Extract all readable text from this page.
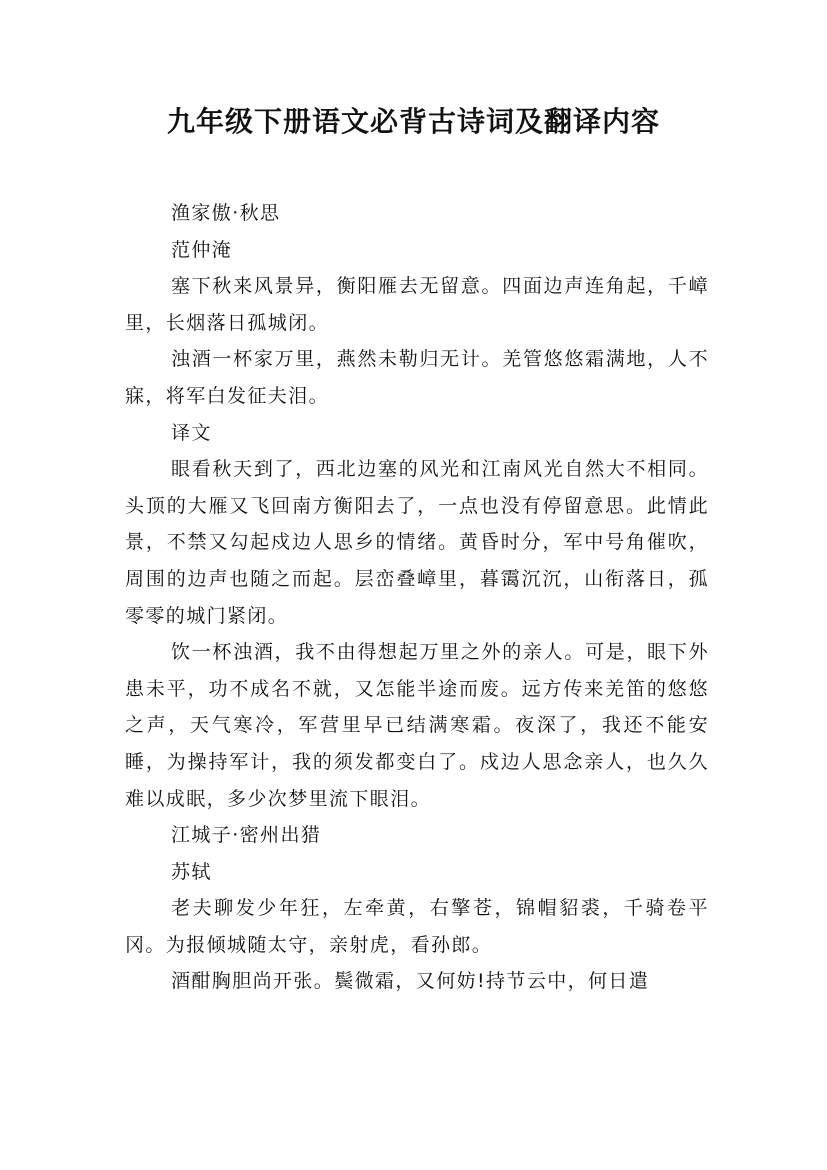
九年级下册语文必背古诗词及翻译内容

渔家傲·秋思

范仲淹

塞下秋来风景异，衡阳雁去无留意。四面边声连角起，千嶂里，长烟落日孤城闭。

浊酒一杯家万里，燕然未勒归无计。羌管悠悠霜满地，人不寐，将军白发征夫泪。

译文

眼看秋天到了，西北边塞的风光和江南风光自然大不相同。头顶的大雁又飞回南方衡阳去了，一点也没有停留意思。此情此景，不禁又勾起戍边人思乡的情绪。黄昏时分，军中号角催吹，周围的边声也随之而起。层峦叠嶂里，暮霭沉沉，山衔落日，孤零零的城门紧闭。

饮一杯浊酒，我不由得想起万里之外的亲人。可是，眼下外患未平，功不成名不就，又怎能半途而废。远方传来羌笛的悠悠之声，天气寒冷，军营里早已结满寒霜。夜深了，我还不能安睡，为操持军计，我的须发都变白了。戍边人思念亲人，也久久难以成眠，多少次梦里流下眼泪。

江城子·密州出猎

苏轼

老夫聊发少年狂，左牵黄，右擎苍，锦帽貂裘，千骑卷平冈。为报倾城随太守，亲射虎，看孙郎。

酒酣胸胆尚开张。鬓微霜，又何妨!持节云中，何日遣
